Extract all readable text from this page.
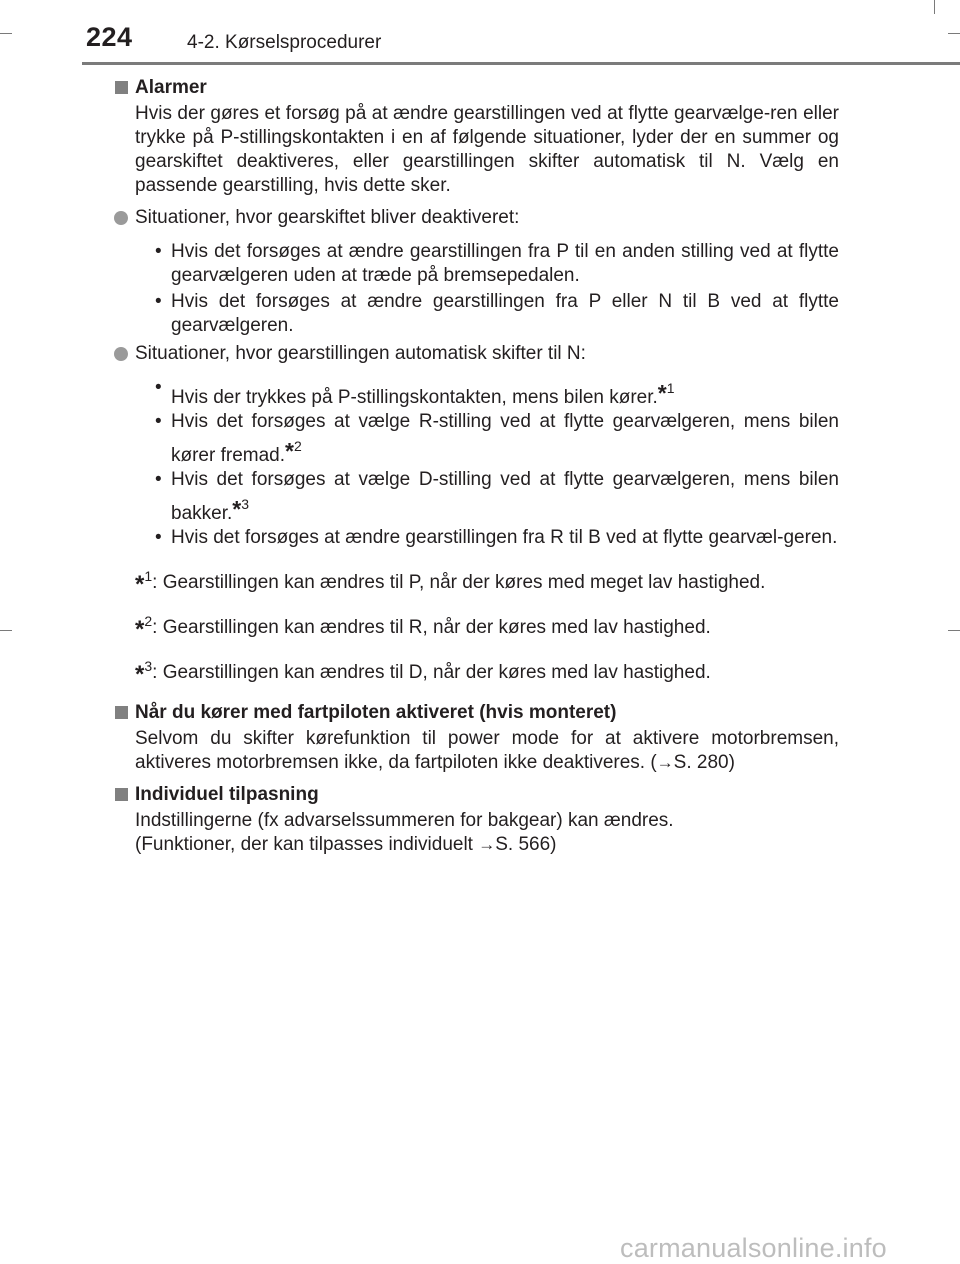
224	4-2. Kørselsprocedurer
Alarmer
Hvis der gøres et forsøg på at ændre gearstillingen ved at flytte gearvælge-ren eller trykke på P-stillingskontakten i en af følgende situationer, lyder der en summer og gearskiftet deaktiveres, eller gearstillingen skifter automatisk til N. Vælg en passende gearstilling, hvis dette sker.
Situationer, hvor gearskiftet bliver deaktiveret:
• Hvis det forsøges at ændre gearstillingen fra P til en anden stilling ved at flytte gearvælgeren uden at træde på bremsepedalen.
• Hvis det forsøges at ændre gearstillingen fra P eller N til B ved at flytte gearvælgeren.
Situationer, hvor gearstillingen automatisk skifter til N:
• Hvis der trykkes på P-stillingskontakten, mens bilen kører.*$^1$
• Hvis det forsøges at vælge R-stilling ved at flytte gearvælgeren, mens bilen kører fremad.*$^2$
• Hvis det forsøges at vælge D-stilling ved at flytte gearvælgeren, mens bilen bakker.*$^3$
• Hvis det forsøges at ændre gearstillingen fra R til B ved at flytte gearvæl-geren.
*$^1$: Gearstillingen kan ændres til P, når der køres med meget lav hastighed.
*$^2$: Gearstillingen kan ændres til R, når der køres med lav hastighed.
*$^3$: Gearstillingen kan ændres til D, når der køres med lav hastighed.
Når du kører med fartpiloten aktiveret (hvis monteret)
Selvom du skifter kørefunktion til power mode for at aktivere motorbremsen, aktiveres motorbremsen ikke, da fartpiloten ikke deaktiveres. (→S. 280)
Individuel tilpasning
Indstillingerne (fx advarselssummeren for bakgear) kan ændres.
(Funktioner, der kan tilpasses individuelt →S. 566)
carmanualsonline.info
